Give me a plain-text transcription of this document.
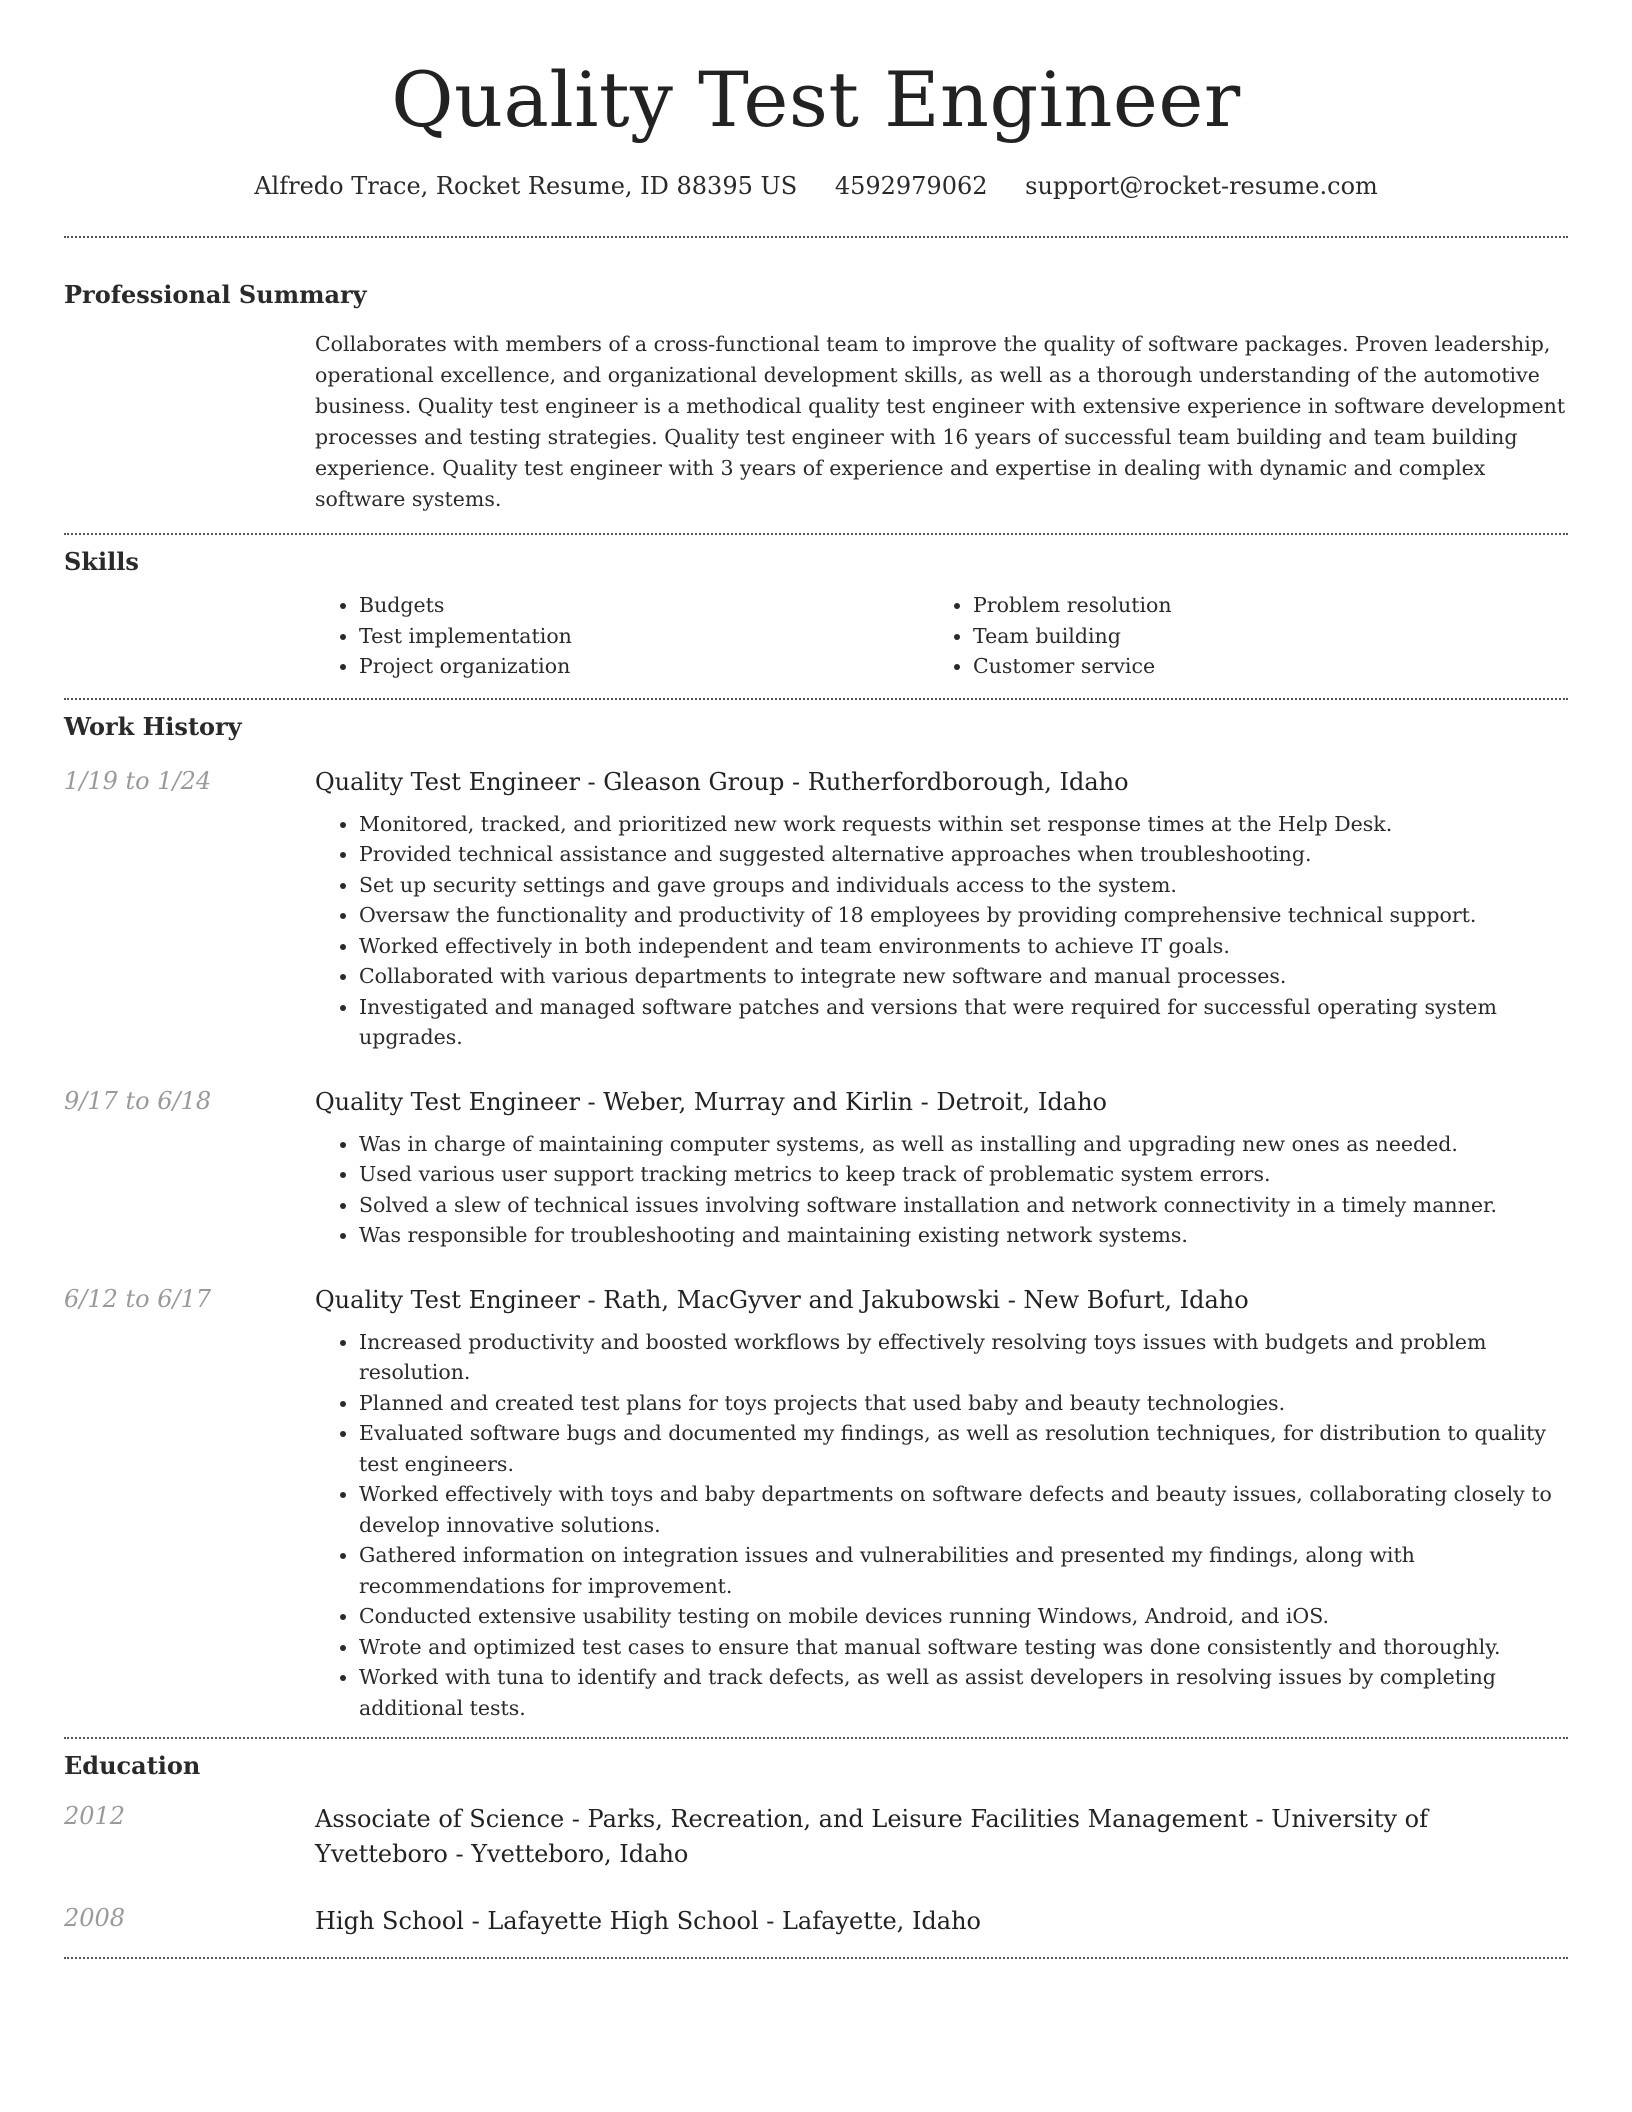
Quality Test Engineer
Alfredo Trace, Rocket Resume, ID 88395 US 4592979062 support@rocket-resume.com
Professional Summary

Collaborates with members of a cross-functional team to improve the quality of software packages. Proven leadership, operational excellence, and organizational development skills, as well as a thorough understanding of the automotive business. Quality test engineer is a methodical quality test engineer with extensive experience in software development processes and testing strategies. Quality test engineer with 16 years of successful team building and team building experience. Quality test engineer with 3 years of experience and expertise in dealing with dynamic and complex software systems.

Skills
• Budgets
• Test implementation
• Project organization
• Problem resolution
• Team building
• Customer service
Work History
1/19 to 1/24	Quality Test Engineer - Gleason Group - Rutherfordborough, Idaho
• Monitored, tracked, and prioritized new work requests within set response times at the Help Desk.
• Provided technical assistance and suggested alternative approaches when troubleshooting.
• Set up security settings and gave groups and individuals access to the system.
• Oversaw the functionality and productivity of 18 employees by providing comprehensive technical support.
• Worked effectively in both independent and team environments to achieve IT goals.
• Collaborated with various departments to integrate new software and manual processes.
• Investigated and managed software patches and versions that were required for successful operating system upgrades.
9/17 to 6/18	Quality Test Engineer - Weber, Murray and Kirlin - Detroit, Idaho
• Was in charge of maintaining computer systems, as well as installing and upgrading new ones as needed.
• Used various user support tracking metrics to keep track of problematic system errors.
• Solved a slew of technical issues involving software installation and network connectivity in a timely manner.
• Was responsible for troubleshooting and maintaining existing network systems.
6/12 to 6/17	Quality Test Engineer - Rath, MacGyver and Jakubowski - New Bofurt, Idaho
• Increased productivity and boosted workflows by effectively resolving toys issues with budgets and problem resolution.
• Planned and created test plans for toys projects that used baby and beauty technologies.
• Evaluated software bugs and documented my findings, as well as resolution techniques, for distribution to quality test engineers.
• Worked effectively with toys and baby departments on software defects and beauty issues, collaborating closely to develop innovative solutions.
• Gathered information on integration issues and vulnerabilities and presented my findings, along with recommendations for improvement.
• Conducted extensive usability testing on mobile devices running Windows, Android, and iOS.
• Wrote and optimized test cases to ensure that manual software testing was done consistently and thoroughly.
• Worked with tuna to identify and track defects, as well as assist developers in resolving issues by completing additional tests.
Education
2012	Associate of Science - Parks, Recreation, and Leisure Facilities Management - University of Yvetteboro - Yvetteboro, Idaho
2008	High School - Lafayette High School - Lafayette, Idaho
